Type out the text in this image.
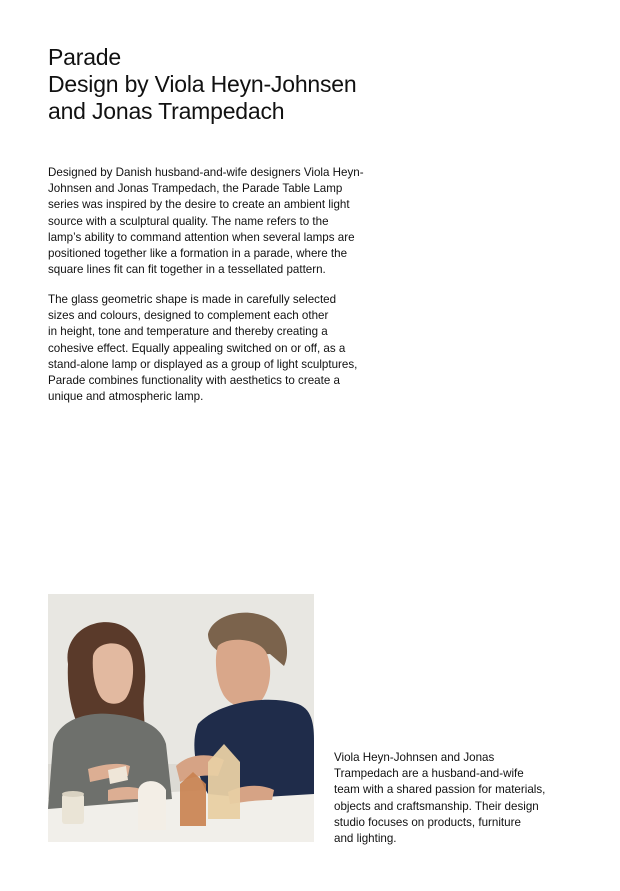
Parade
Design by Viola Heyn-Johnsen
and Jonas Trampedach
Designed by Danish husband-and-wife designers Viola Heyn-
Johnsen and Jonas Trampedach, the Parade Table Lamp
series was inspired by the desire to create an ambient light
source with a sculptural quality. The name refers to the
lamp’s ability to command attention when several lamps are
positioned together like a formation in a parade, where the
square lines fit can fit together in a tessellated pattern.
The glass geometric shape is made in carefully selected
sizes and colours, designed to complement each other
in height, tone and temperature and thereby creating a
cohesive effect. Equally appealing switched on or off, as a
stand-alone lamp or displayed as a group of light sculptures,
Parade combines functionality with aesthetics to create a
unique and atmospheric lamp.
Viola Heyn-Johnsen and Jonas
Trampedach are a husband-and-wife
team with a shared passion for materials,
objects and craftsmanship. Their design
studio focuses on products, furniture
and lighting.
